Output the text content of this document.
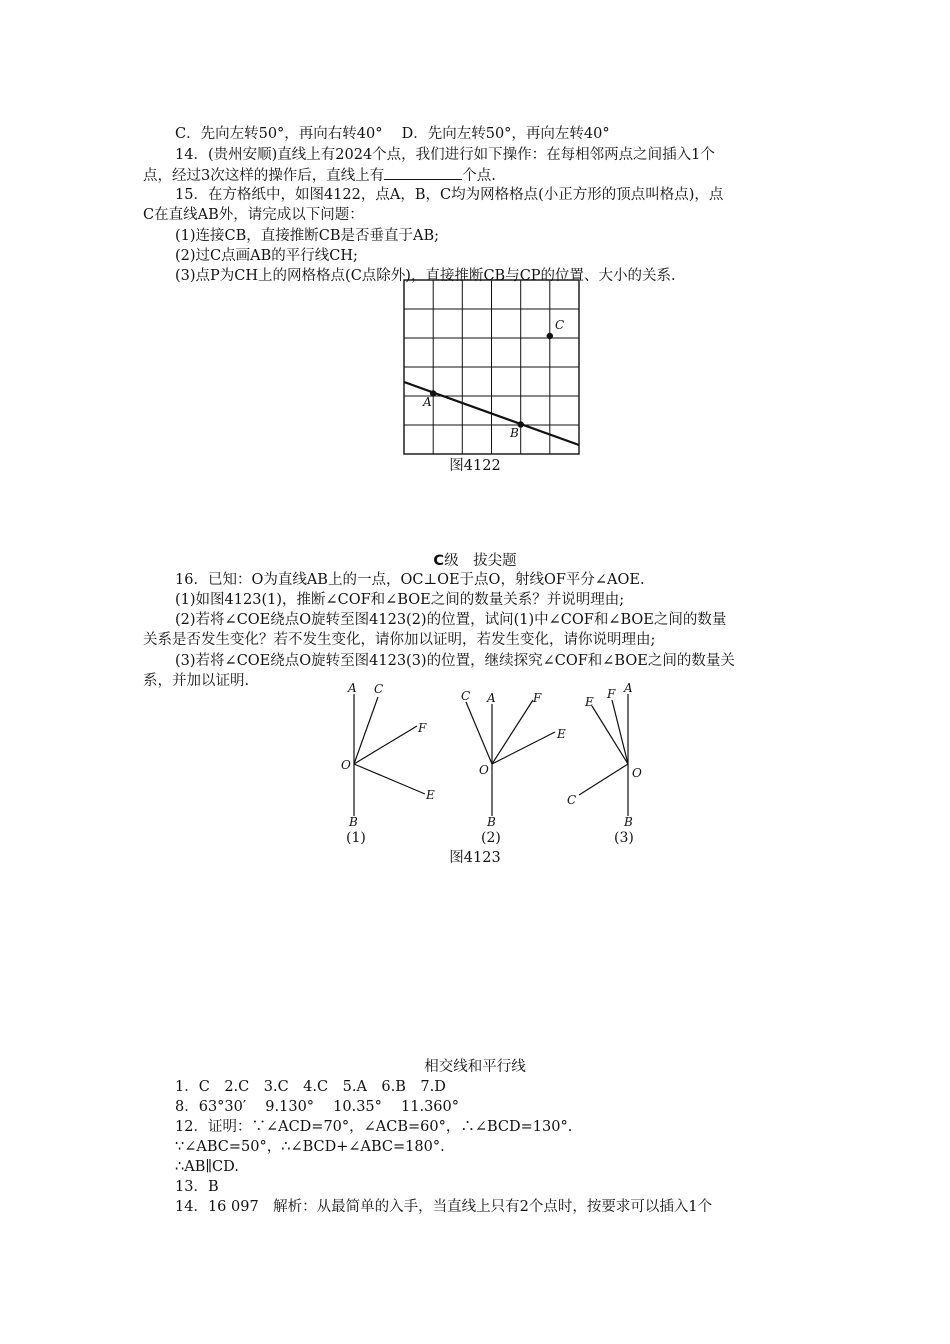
C．先向左转50°，再向右转40°　 D．先向左转50°，再向左转40°
14．(贵州安顺)直线上有2024个点，我们进行如下操作：在每相邻两点之间插入1个
点，经过3次这样的操作后，直线上有	个点.
15．在方格纸中，如图4122，点A，B，C均为网格格点(小正方形的顶点叫格点)，点
C在直线AB外，请完成以下问题：
(1)连接CB，直接推断CB是否垂直于AB;
(2)过C点画AB的平行线CH;
(3)点P为CH上的网格格点(C点除外)，直接推断CB与CP的位置、大小的关系.
A
B
C
图4122
C级　拔尖题
16．已知：O为直线AB上的一点，OC⊥OE于点O，射线OF平分∠AOE.
(1)如图4123(1)，推断∠COF和∠BOE之间的数量关系？并说明理由;
(2)若将∠COE绕点O旋转至图4123(2)的位置，试问(1)中∠COF和∠BOE之间的数量
关系是否发生变化？若不发生变化，请你加以证明，若发生变化，请你说明理由;
(3)若将∠COE绕点O旋转至图4123(3)的位置，继续探究∠COF和∠BOE之间的数量关
系，并加以证明.	A C
F
O
E
B
(1)
A
C	F
E
O
B
(2)
A
F
E
O
C
B
(3)
图4123
相交线和平行线
1．C　2.C　3.C　4.C　5.A　6.B　7.D
8．63°30′　 9.130°　 10.35°　 11.360°
12．证明：∵∠ACD=70°，∠ACB=60°，∴∠BCD=130°.
∵∠ABC=50°，∴∠BCD+∠ABC=180°.
∴AB∥CD.
13．B
14．16 097　解析：从最简单的入手，当直线上只有2个点时，按要求可以插入1个
